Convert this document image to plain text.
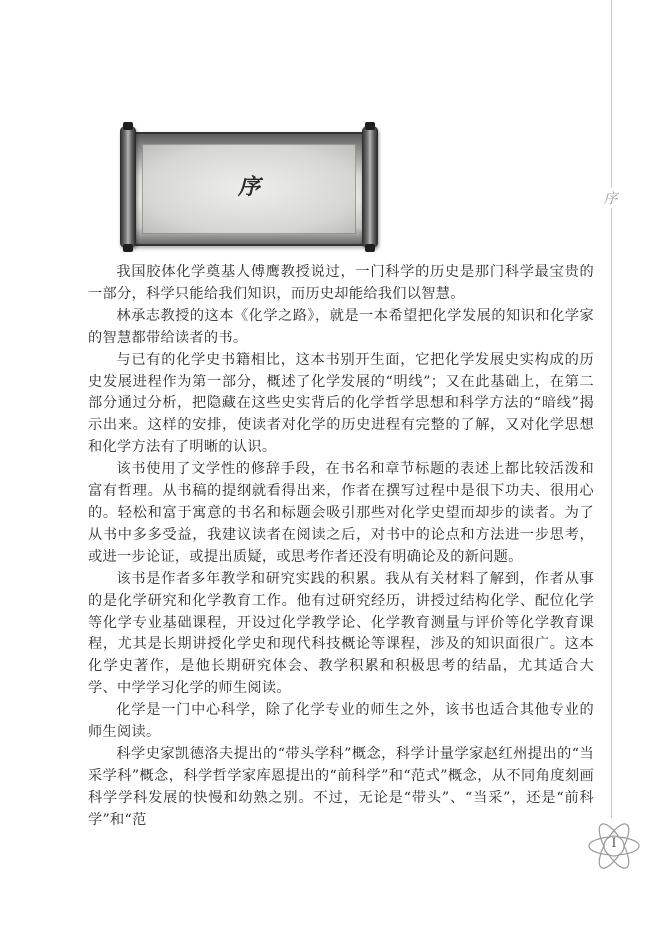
序
序

我国胶体化学奠基人傅鹰教授说过，一门科学的历史是那门科学最宝贵的一部分，科学只能给我们知识，而历史却能给我们以智慧。

林承志教授的这本《化学之路》，就是一本希望把化学发展的知识和化学家的智慧都带给读者的书。

与已有的化学史书籍相比，这本书别开生面，它把化学发展史实构成的历史发展进程作为第一部分，概述了化学发展的“明线”；又在此基础上，在第二部分通过分析，把隐藏在这些史实背后的化学哲学思想和科学方法的“暗线”揭示出来。这样的安排，使读者对化学的历史进程有完整的了解，又对化学思想和化学方法有了明晰的认识。

该书使用了文学性的修辞手段，在书名和章节标题的表述上都比较活泼和富有哲理。从书稿的提纲就看得出来，作者在撰写过程中是很下功夫、很用心的。轻松和富于寓意的书名和标题会吸引那些对化学史望而却步的读者。为了从书中多多受益，我建议读者在阅读之后，对书中的论点和方法进一步思考，或进一步论证，或提出质疑，或思考作者还没有明确论及的新问题。

该书是作者多年教学和研究实践的积累。我从有关材料了解到，作者从事的是化学研究和化学教育工作。他有过研究经历，讲授过结构化学、配位化学等化学专业基础课程，开设过化学教学论、化学教育测量与评价等化学教育课程，尤其是长期讲授化学史和现代科技概论等课程，涉及的知识面很广。这本化学史著作，是他长期研究体会、教学积累和积极思考的结晶，尤其适合大学、中学学习化学的师生阅读。

化学是一门中心科学，除了化学专业的师生之外，该书也适合其他专业的师生阅读。

科学史家凯德洛夫提出的“带头学科”概念，科学计量学家赵红州提出的“当采学科”概念，科学哲学家库恩提出的“前科学”和“范式”概念，从不同角度刻画科学学科发展的快慢和幼熟之别。不过，无论是“带头”、“当采”，还是“前科学”和“范

I
